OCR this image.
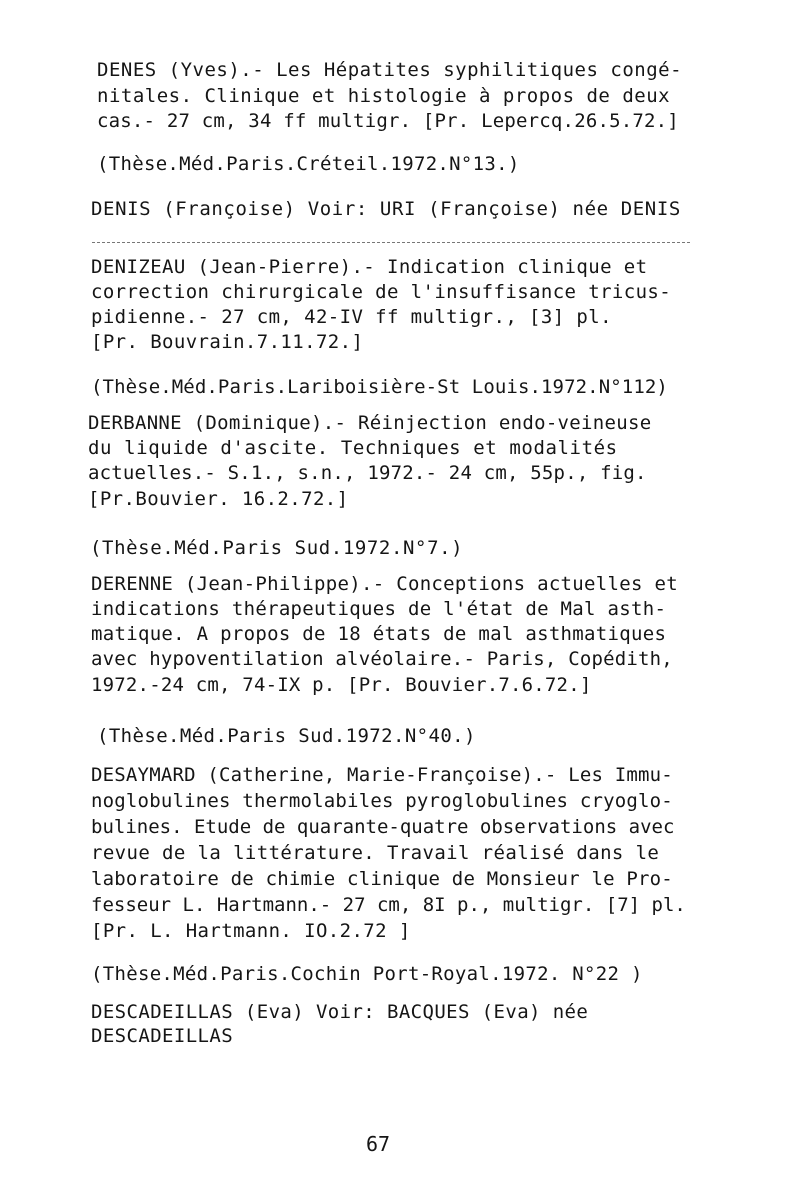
DENES (Yves).- Les Hépatites syphilitiques congé-
nitales. Clinique et histologie à propos de deux
cas.- 27 cm, 34 ff multigr. [Pr. Lepercq.26.5.72.]
(Thèse.Méd.Paris.Créteil.1972.N°13.)
DENIS (Françoise) Voir: URI (Françoise) née DENIS
DENIZEAU (Jean-Pierre).- Indication clinique et
correction chirurgicale de l'insuffisance tricus-
pidienne.- 27 cm, 42-IV ff multigr., [3] pl.
[Pr. Bouvrain.7.11.72.]
(Thèse.Méd.Paris.Lariboisière-St Louis.1972.N°112)
DERBANNE (Dominique).- Réinjection endo-veineuse
du liquide d'ascite. Techniques et modalités
actuelles.- S.1., s.n., 1972.- 24 cm, 55p., fig.
[Pr.Bouvier. 16.2.72.]
(Thèse.Méd.Paris Sud.1972.N°7.)
DERENNE (Jean-Philippe).- Conceptions actuelles et
indications thérapeutiques de l'état de Mal asth-
matique. A propos de 18 états de mal asthmatiques
avec hypoventilation alvéolaire.- Paris, Copédith,
1972.-24 cm, 74-IX p. [Pr. Bouvier.7.6.72.]
(Thèse.Méd.Paris Sud.1972.N°40.)
DESAYMARD (Catherine, Marie-Françoise).- Les Immu-
noglobulines thermolabiles pyroglobulines cryoglo-
bulines. Etude de quarante-quatre observations avec
revue de la littérature. Travail réalisé dans le
laboratoire de chimie clinique de Monsieur le Pro-
fesseur L. Hartmann.- 27 cm, 8I p., multigr. [7] pl.
[Pr. L. Hartmann. IO.2.72 ]
(Thèse.Méd.Paris.Cochin Port-Royal.1972. N°22 )
DESCADEILLAS (Eva) Voir: BACQUES (Eva) née
DESCADEILLAS
67
